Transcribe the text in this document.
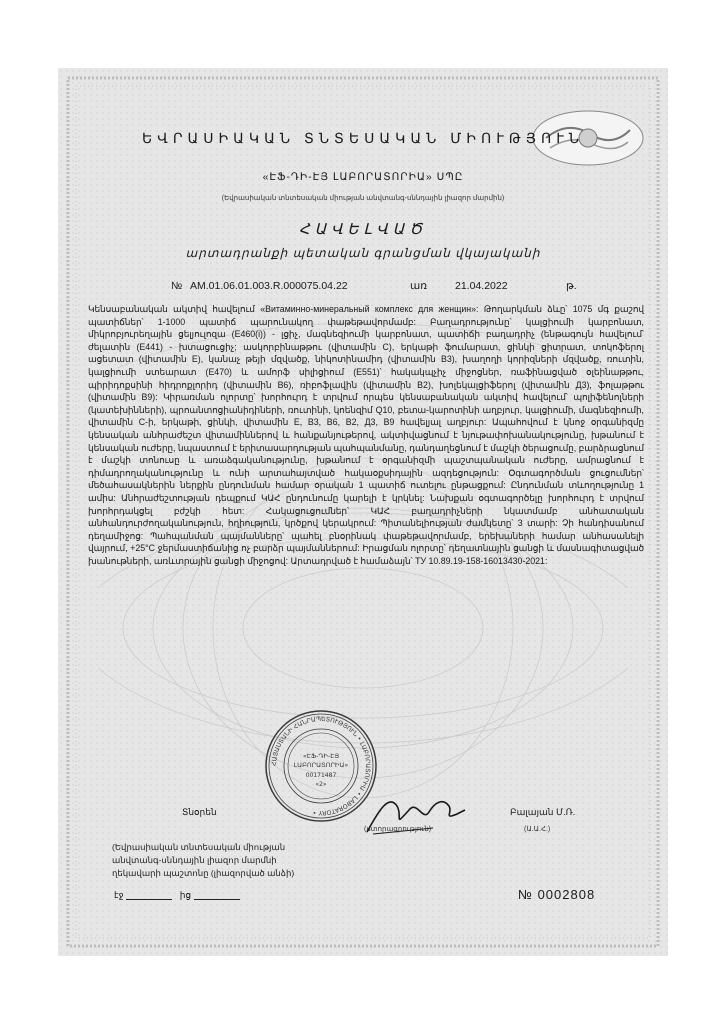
ԵՎՐԱՍԻԱԿԱՆ ՏՆՏԵՍԱԿԱՆ ՄԻՈՒԹՅՈՒՆ
«ԷՖ-ԴԻ-ԷՅ ԼԱԲՈՐԱՏՈՐԻԱ» ՍՊԸ
(Եվրասիական տնտեսական միության անվտանգ-սննդային լիազոր մարմին)
ՀԱՎԵԼՎԱԾ
արտադրանքի պետական գրանցման վկայականի
№ AM.01.06.01.003.R.000075.04.22	առ	21.04.2022	թ.
Կենսաբանական ակտիվ հավելում «Витаминно-минеральный комплекс для женщин»: Թողարկման ձևը՝ 1075 մգ քաշով պատիճներ՝ 1-1000 պատիճ պարունակող փաթեթավորմամբ: Բաղադրությունը՝ կալցիումի կարբոնատ, միկրոբյուրեղային ցելյուլոզա (E460(i)) - լցիչ, մագնեզիումի կարբոնատ, պատիճի բաղադրիչ (ենթագույն հավելում՝ ժելատին (E441) - խտացուցիչ; ասկորբինաթթու (վիտամին C), երկաթի ֆումարատ, ցինկի ցիտրատ, տոկոֆերոլ ացետատ (վիտամին E), կանաչ թեյի մզվածք, նիկոտինամիդ (վիտամին B3), խաղողի կորիզների մզվածք, ռուտին, կալցիումի ստեարատ (E470) և ամորֆ սիլիցիում (E551)՝ հակակպչիչ միջոցներ, ռաֆինացված օլեինաթթու, պիրիդոքսինի հիդրոքլորիդ (վիտամին B6), ռիբոֆլավին (վիտամին B2), խոլեկալցիֆերոլ (վիտամին Д3), ֆոլաթթու (վիտամին B9): Կիրառման ոլորտը՝ խորհուրդ է տրվում որպես կենսաբանական ակտիվ հավելում՝ պոլիֆենոլների (կատեխինների), պրոանտոցիանիդիների, ռուտինի, կոենզիմ Q10, բետա-կարոտինի աղբյուր, կալցիումի, մագնեզիումի, վիտամին C-ի, երկաթի, ցինկի, վիտամին E, B3, B6, B2, Д3, B9 հավելյալ աղբյուր: Ապահովում է կնոջ օրգանիզմը կենսական անհրաժեշտ վիտամիններով և հանքանյութերով, ակտիվացնում է նյութափոխանակությունը, խթանում է կենսական ուժերը, նպաստում է երիտասարդության պահպանմանը, դանդաղեցնում է մաշկի ծերացումը, բարձրացնում է մաշկի տոնուսը և առաձգականությունը, խթանում է օրգանիզմի պաշտպանական ուժերը, ամրացնում է դիմադրողականությունը և ունի արտահայտված հակաօքսիդային ազդեցություն: Օգտագործման ցուցումներ՝ մեծահասակներին ներքին ընդունման համար օրական 1 պատիճ ուտելու ընթացքում: Ընդունման տևողությունը 1 ամիս: Անհրաժեշտության դեպքում ԿԱՀ ընդունումը կարելի է կրկնել: Նախքան օգտագործելը խորհուրդ է տրվում խորհրդակցել բժշկի հետ: Հակացուցումներ՝ ԿԱՀ բաղադրիչների նկատմամբ անհատական անհանդուրժողականություն, հղիություն, կրծքով կերակրում: Պիտանելիության ժամկետը՝ 3 տարի: Չի հանդիսանում դեղամիջոց: Պահպանման պայմանները՝ պահել բնօրինակ փաթեթավորմամբ, երեխաների համար անհասանելի վայրում, +25°C ջերմաստիճանից ոչ բարձր պայմաններում: Իրացման ոլորտը՝ դեղատնային ցանցի և մասնագիտացված խանութների, առևտրային ցանցի միջոցով: Արտադրված է համաձայն՝ ТУ 10.89.19-158-16013430-2021:
ՀԱՅԱՍՏԱՆԻ ՀԱՆՐԱՊԵՏՈՒԹՅՈՒՆ • ԼԱԲՈՐԱՏՈՐԻԱ • LABORATORY •
«ԷՖ-ԴԻ-ԷՅ
ԼԱԲՈՐԱՏՈՐԻԱ»
00171487
«2»
Տնօրեն	Բալայան Մ.Ռ.
(ստորագրություն)	(Ա.Ա.Հ.)
(Եվրասիական տնտեսական միության
անվտանգ-սննդային լիազոր մարմնի
ղեկավարի պաշտոնը (լիազորված անձի)
էջ	ից	№ 0002808
